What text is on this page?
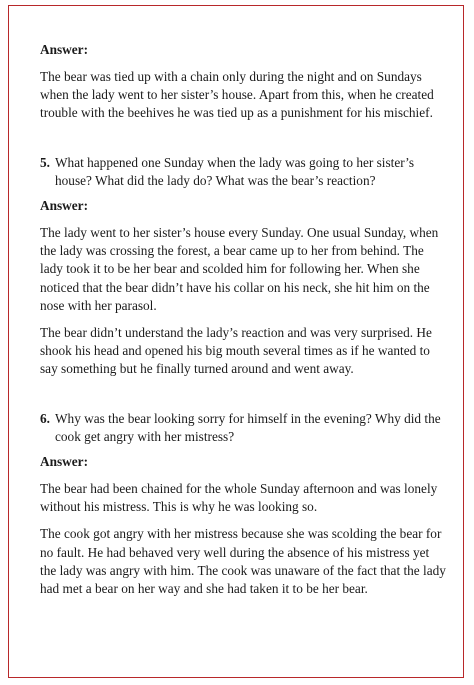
Answer:

The bear was tied up with a chain only during the night and on Sundays when the lady went to her sister’s house. Apart from this, when he created trouble with the beehives he was tied up as a punishment for his mischief.

5. What happened one Sunday when the lady was going to her sister’s house? What did the lady do? What was the bear’s reaction?
Answer:

The lady went to her sister’s house every Sunday. One usual Sunday, when the lady was crossing the forest, a bear came up to her from behind. The lady took it to be her bear and scolded him for following her. When she noticed that the bear didn’t have his collar on his neck, she hit him on the nose with her parasol.

The bear didn’t understand the lady’s reaction and was very surprised. He shook his head and opened his big mouth several times as if he wanted to say something but he finally turned around and went away.

6. Why was the bear looking sorry for himself in the evening? Why did the cook get angry with her mistress?
Answer:

The bear had been chained for the whole Sunday afternoon and was lonely without his mistress. This is why he was looking so.

The cook got angry with her mistress because she was scolding the bear for no fault. He had behaved very well during the absence of his mistress yet the lady was angry with him. The cook was unaware of the fact that the lady had met a bear on her way and she had taken it to be her bear.
